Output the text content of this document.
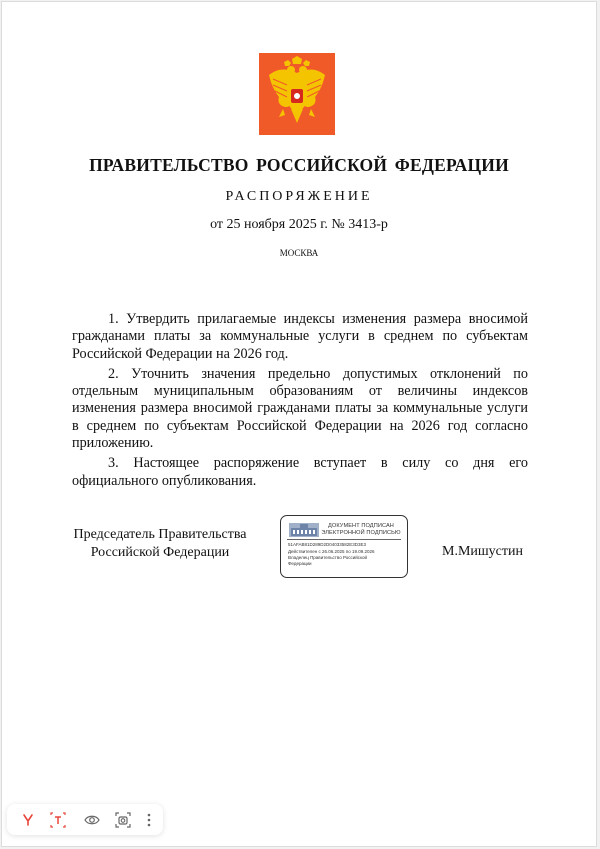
ПРАВИТЕЛЬСТВО РОССИЙСКОЙ ФЕДЕРАЦИИ
РАСПОРЯЖЕНИЕ
от 25 ноября 2025 г. № 3413-р
МОСКВА

1. Утвердить прилагаемые индексы изменения размера вносимой гражданами платы за коммунальные услуги в среднем по субъектам Российской Федерации на 2026 год.

2. Уточнить значения предельно допустимых отклонений по отдельным муниципальным образованиям от величины индексов изменения размера вносимой гражданами платы за коммунальные услуги в среднем по субъектам Российской Федерации на 2026 год согласно приложению.

3. Настоящее распоряжение вступает в силу со дня его официального опубликования.

Председатель Правительства
Российской Федерации
ДОКУМЕНТ ПОДПИСАН
ЭЛЕКТРОННОЙ ПОДПИСЬЮ
51AFAB81D289D2D04033582E3D3E3
Действителен с 26.06.2025 по 19.09.2026
Владелец Правительство Российской
Федерации
М.Мишустин
